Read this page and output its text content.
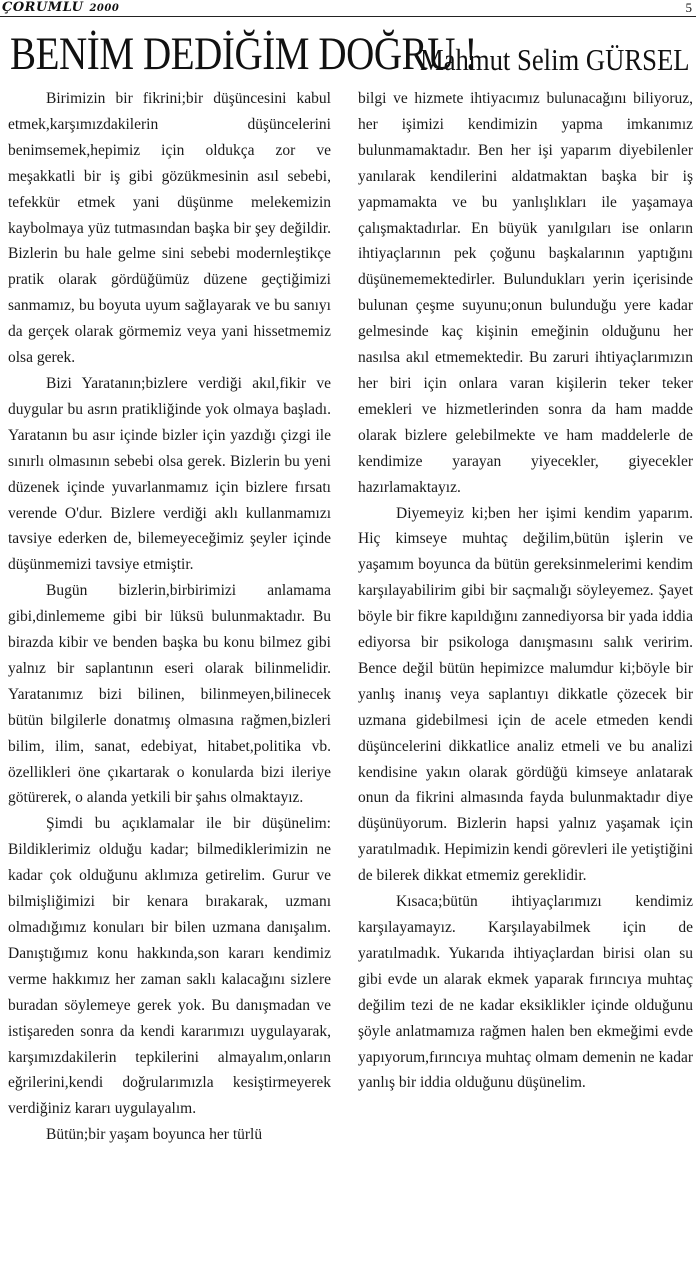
ÇORUMLU 2000	5
BENİM DEDİĞİM DOĞRU !
Mahmut Selim GÜRSEL

Birimizin bir fikrini;bir düşüncesini kabul etmek,karşımızdakilerin düşüncelerini benimsemek,hepimiz için oldukça zor ve meşakkatli bir iş gibi gözükmesinin asıl sebebi, tefekkür etmek yani düşünme melekemizin kaybolmaya yüz tutmasından başka bir şey değildir. Bizlerin bu hale gelme sini sebebi modernleştikçe pratik olarak gördüğümüz düzene geçtiğimizi sanmamız, bu boyuta uyum sağlayarak ve bu sanıyı da gerçek olarak görmemiz veya yani hissetmemiz olsa gerek.

Bizi Yaratanın;bizlere verdiği akıl,fikir ve duygular bu asrın pratikliğinde yok olmaya başladı. Yaratanın bu asır içinde bizler için yazdığı çizgi ile sınırlı olmasının sebebi olsa gerek. Bizlerin bu yeni düzenek içinde yuvarlanmamız için bizlere fırsatı verende O'dur. Bizlere verdiği aklı kullanmamızı tavsiye ederken de, bilemeyeceğimiz şeyler içinde düşünmemizi tavsiye etmiştir.

Bugün bizlerin,birbirimizi anlamama gibi,dinlememe gibi bir lüksü bulunmaktadır. Bu birazda kibir ve benden başka bu konu bilmez gibi yalnız bir saplantının eseri olarak bilinmelidir. Yaratanımız bizi bilinen, bilinmeyen,bilinecek bütün bilgilerle donatmış olmasına rağmen,bizleri bilim, ilim, sanat, edebiyat, hitabet,politika vb. özellikleri öne çıkartarak o konularda bizi ileriye götürerek, o alanda yetkili bir şahıs olmaktayız.

Şimdi bu açıklamalar ile bir düşünelim: Bildiklerimiz olduğu kadar; bilmediklerimizin ne kadar çok olduğunu aklımıza getirelim. Gurur ve bilmişliğimizi bir kenara bırakarak, uzmanı olmadığımız konuları bir bilen uzmana danışalım. Danıştığımız konu hakkında,son kararı kendimiz verme hakkımız her zaman saklı kalacağını sizlere buradan söylemeye gerek yok. Bu danışmadan ve istişareden sonra da kendi kararımızı uygulayarak, karşımızdakilerin tepkilerini almayalım,onların eğrilerini,kendi doğrularımızla kesiştirmeyerek verdiğiniz kararı uygulayalım.

Bütün;bir yaşam boyunca her türlü

bilgi ve hizmete ihtiyacımız bulunacağını biliyoruz, her işimizi kendimizin yapma imkanımız bulunmamaktadır. Ben her işi yaparım diyebilenler yanılarak kendilerini aldatmaktan başka bir iş yapmamakta ve bu yanlışlıkları ile yaşamaya çalışmaktadırlar. En büyük yanılgıları ise onların ihtiyaçlarının pek çoğunu başkalarının yaptığını düşünememektedirler. Bulundukları yerin içerisinde bulunan çeşme suyunu;onun bulunduğu yere kadar gelmesinde kaç kişinin emeğinin olduğunu her nasılsa akıl etmemektedir. Bu zaruri ihtiyaçlarımızın her biri için onlara varan kişilerin teker teker emekleri ve hizmetlerinden sonra da ham madde olarak bizlere gelebilmekte ve ham maddelerle de kendimize yarayan yiyecekler, giyecekler hazırlamaktayız.

Diyemeyiz ki;ben her işimi kendim yaparım. Hiç kimseye muhtaç değilim,bütün işlerin ve yaşamım boyunca da bütün gereksinmelerimi kendim karşılayabilirim gibi bir saçmalığı söyleyemez. Şayet böyle bir fikre kapıldığını zannediyorsa bir yada iddia ediyorsa bir psikologa danışmasını salık veririm. Bence değil bütün hepimizce malumdur ki;böyle bir yanlış inanış veya saplantıyı dikkatle çözecek bir uzmana gidebilmesi için de acele etmeden kendi düşüncelerini dikkatlice analiz etmeli ve bu analizi kendisine yakın olarak gördüğü kimseye anlatarak onun da fikrini almasında fayda bulunmaktadır diye düşünüyorum. Bizlerin hapsi yalnız yaşamak için yaratılmadık. Hepimizin kendi görevleri ile yetiştiğini de bilerek dikkat etmemiz gereklidir.

Kısaca;bütün ihtiyaçlarımızı kendimiz karşılayamayız. Karşılayabilmek için de yaratılmadık. Yukarıda ihtiyaçlardan birisi olan su gibi evde un alarak ekmek yaparak fırıncıya muhtaç değilim tezi de ne kadar eksiklikler içinde olduğunu şöyle anlatmamıza rağmen halen ben ekmeğimi evde yapıyorum,fırıncıya muhtaç olmam demenin ne kadar yanlış bir iddia olduğunu düşünelim.
